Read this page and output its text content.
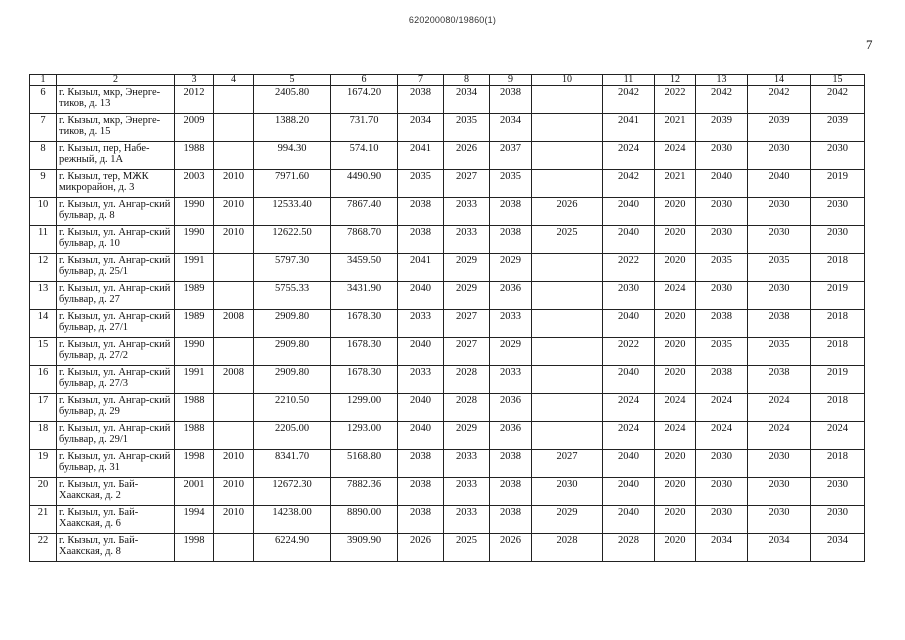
620200080/19860(1)
7
1	2	3	4	5	6	7	8	9	10	11	12	13	14	15
6	г. Кызыл, мкр, Энерге-тиков, д. 13	2012		2405.80	1674.20	2038	2034	2038		2042	2022	2042	2042	2042
7	г. Кызыл, мкр, Энерге-тиков, д. 15	2009		1388.20	731.70	2034	2035	2034		2041	2021	2039	2039	2039
8	г. Кызыл, пер, Набе-режный, д. 1А	1988		994.30	574.10	2041	2026	2037		2024	2024	2030	2030	2030
9	г. Кызыл, тер, МЖК микрорайон, д. 3	2003	2010	7971.60	4490.90	2035	2027	2035		2042	2021	2040	2040	2019
10	г. Кызыл, ул. Ангар-ский бульвар, д. 8	1990	2010	12533.40	7867.40	2038	2033	2038	2026	2040	2020	2030	2030	2030
11	г. Кызыл, ул. Ангар-ский бульвар, д. 10	1990	2010	12622.50	7868.70	2038	2033	2038	2025	2040	2020	2030	2030	2030
12	г. Кызыл, ул. Ангар-ский бульвар, д. 25/1	1991		5797.30	3459.50	2041	2029	2029		2022	2020	2035	2035	2018
13	г. Кызыл, ул. Ангар-ский бульвар, д. 27	1989		5755.33	3431.90	2040	2029	2036		2030	2024	2030	2030	2019
14	г. Кызыл, ул. Ангар-ский бульвар, д. 27/1	1989	2008	2909.80	1678.30	2033	2027	2033		2040	2020	2038	2038	2018
15	г. Кызыл, ул. Ангар-ский бульвар, д. 27/2	1990		2909.80	1678.30	2040	2027	2029		2022	2020	2035	2035	2018
16	г. Кызыл, ул. Ангар-ский бульвар, д. 27/3	1991	2008	2909.80	1678.30	2033	2028	2033		2040	2020	2038	2038	2019
17	г. Кызыл, ул. Ангар-ский бульвар, д. 29	1988		2210.50	1299.00	2040	2028	2036		2024	2024	2024	2024	2018
18	г. Кызыл, ул. Ангар-ский бульвар, д. 29/1	1988		2205.00	1293.00	2040	2029	2036		2024	2024	2024	2024	2024
19	г. Кызыл, ул. Ангар-ский бульвар, д. 31	1998	2010	8341.70	5168.80	2038	2033	2038	2027	2040	2020	2030	2030	2018
20	г. Кызыл, ул. Бай-Хаакская, д. 2	2001	2010	12672.30	7882.36	2038	2033	2038	2030	2040	2020	2030	2030	2030
21	г. Кызыл, ул. Бай-Хаакская, д. 6	1994	2010	14238.00	8890.00	2038	2033	2038	2029	2040	2020	2030	2030	2030
22	г. Кызыл, ул. Бай-Хаакская, д. 8	1998		6224.90	3909.90	2026	2025	2026	2028	2028	2020	2034	2034	2034
